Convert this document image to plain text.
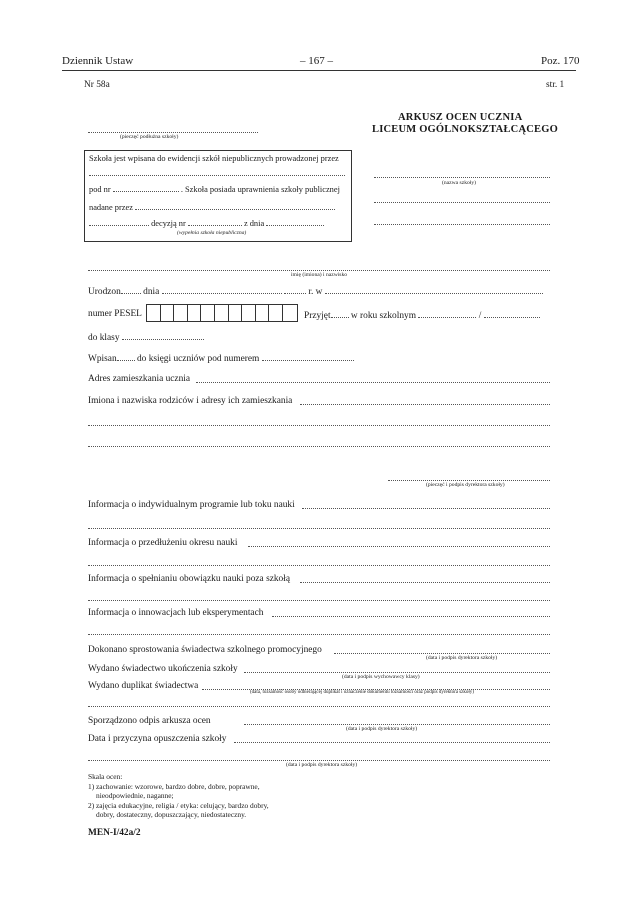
Dziennik Ustaw	– 167 –	Poz. 170
Nr 58a	str. 1
ARKUSZ OCEN UCZNIA
LICEUM OGÓLNOKSZTAŁCĄCEGO
(pieczęć podłużna szkoły)
Szkoła jest wpisana do ewidencji szkół niepublicznych prowadzonej przez
pod nr	. Szkoła posiada uprawnienia szkoły publicznej
nadane przez
decyzją nr	z dnia
(wypełnia szkoła niepubliczna)
(nazwa szkoły)
imię (imiona) i nazwisko
Urodzon dnia	r. w
numer PESEL	Przyjęt w roku szkolnym	/
do klasy
Wpisan do księgi uczniów pod numerem
Adres zamieszkania ucznia
Imiona i nazwiska rodziców i adresy ich zamieszkania
(pieczęć i podpis dyrektora szkoły)
Informacja o indywidualnym programie lub toku nauki
Informacja o przedłużeniu okresu nauki
Informacja o spełnianiu obowiązku nauki poza szkołą
Informacja o innowacjach lub eksperymentach
Dokonano sprostowania świadectwa szkolnego promocyjnego
(data i podpis dyrektora szkoły)
Wydano świadectwo ukończenia szkoły
(data i podpis wychowawcy klasy)
Wydano duplikat świadectwa
(data, tożsamość osoby odbierającej duplikat i oznaczenie dokumentu tożsamości oraz podpis dyrektora szkoły)
Sporządzono odpis arkusza ocen
(data i podpis dyrektora szkoły)
Data i przyczyna opuszczenia szkoły
(data i podpis dyrektora szkoły)
Skala ocen:
1) zachowanie: wzorowe, bardzo dobre, dobre, poprawne,
nieodpowiednie, naganne;
2) zajęcia edukacyjne, religia / etyka: celujący, bardzo dobry,
dobry, dostateczny, dopuszczający, niedostateczny.
MEN-I/42a/2
